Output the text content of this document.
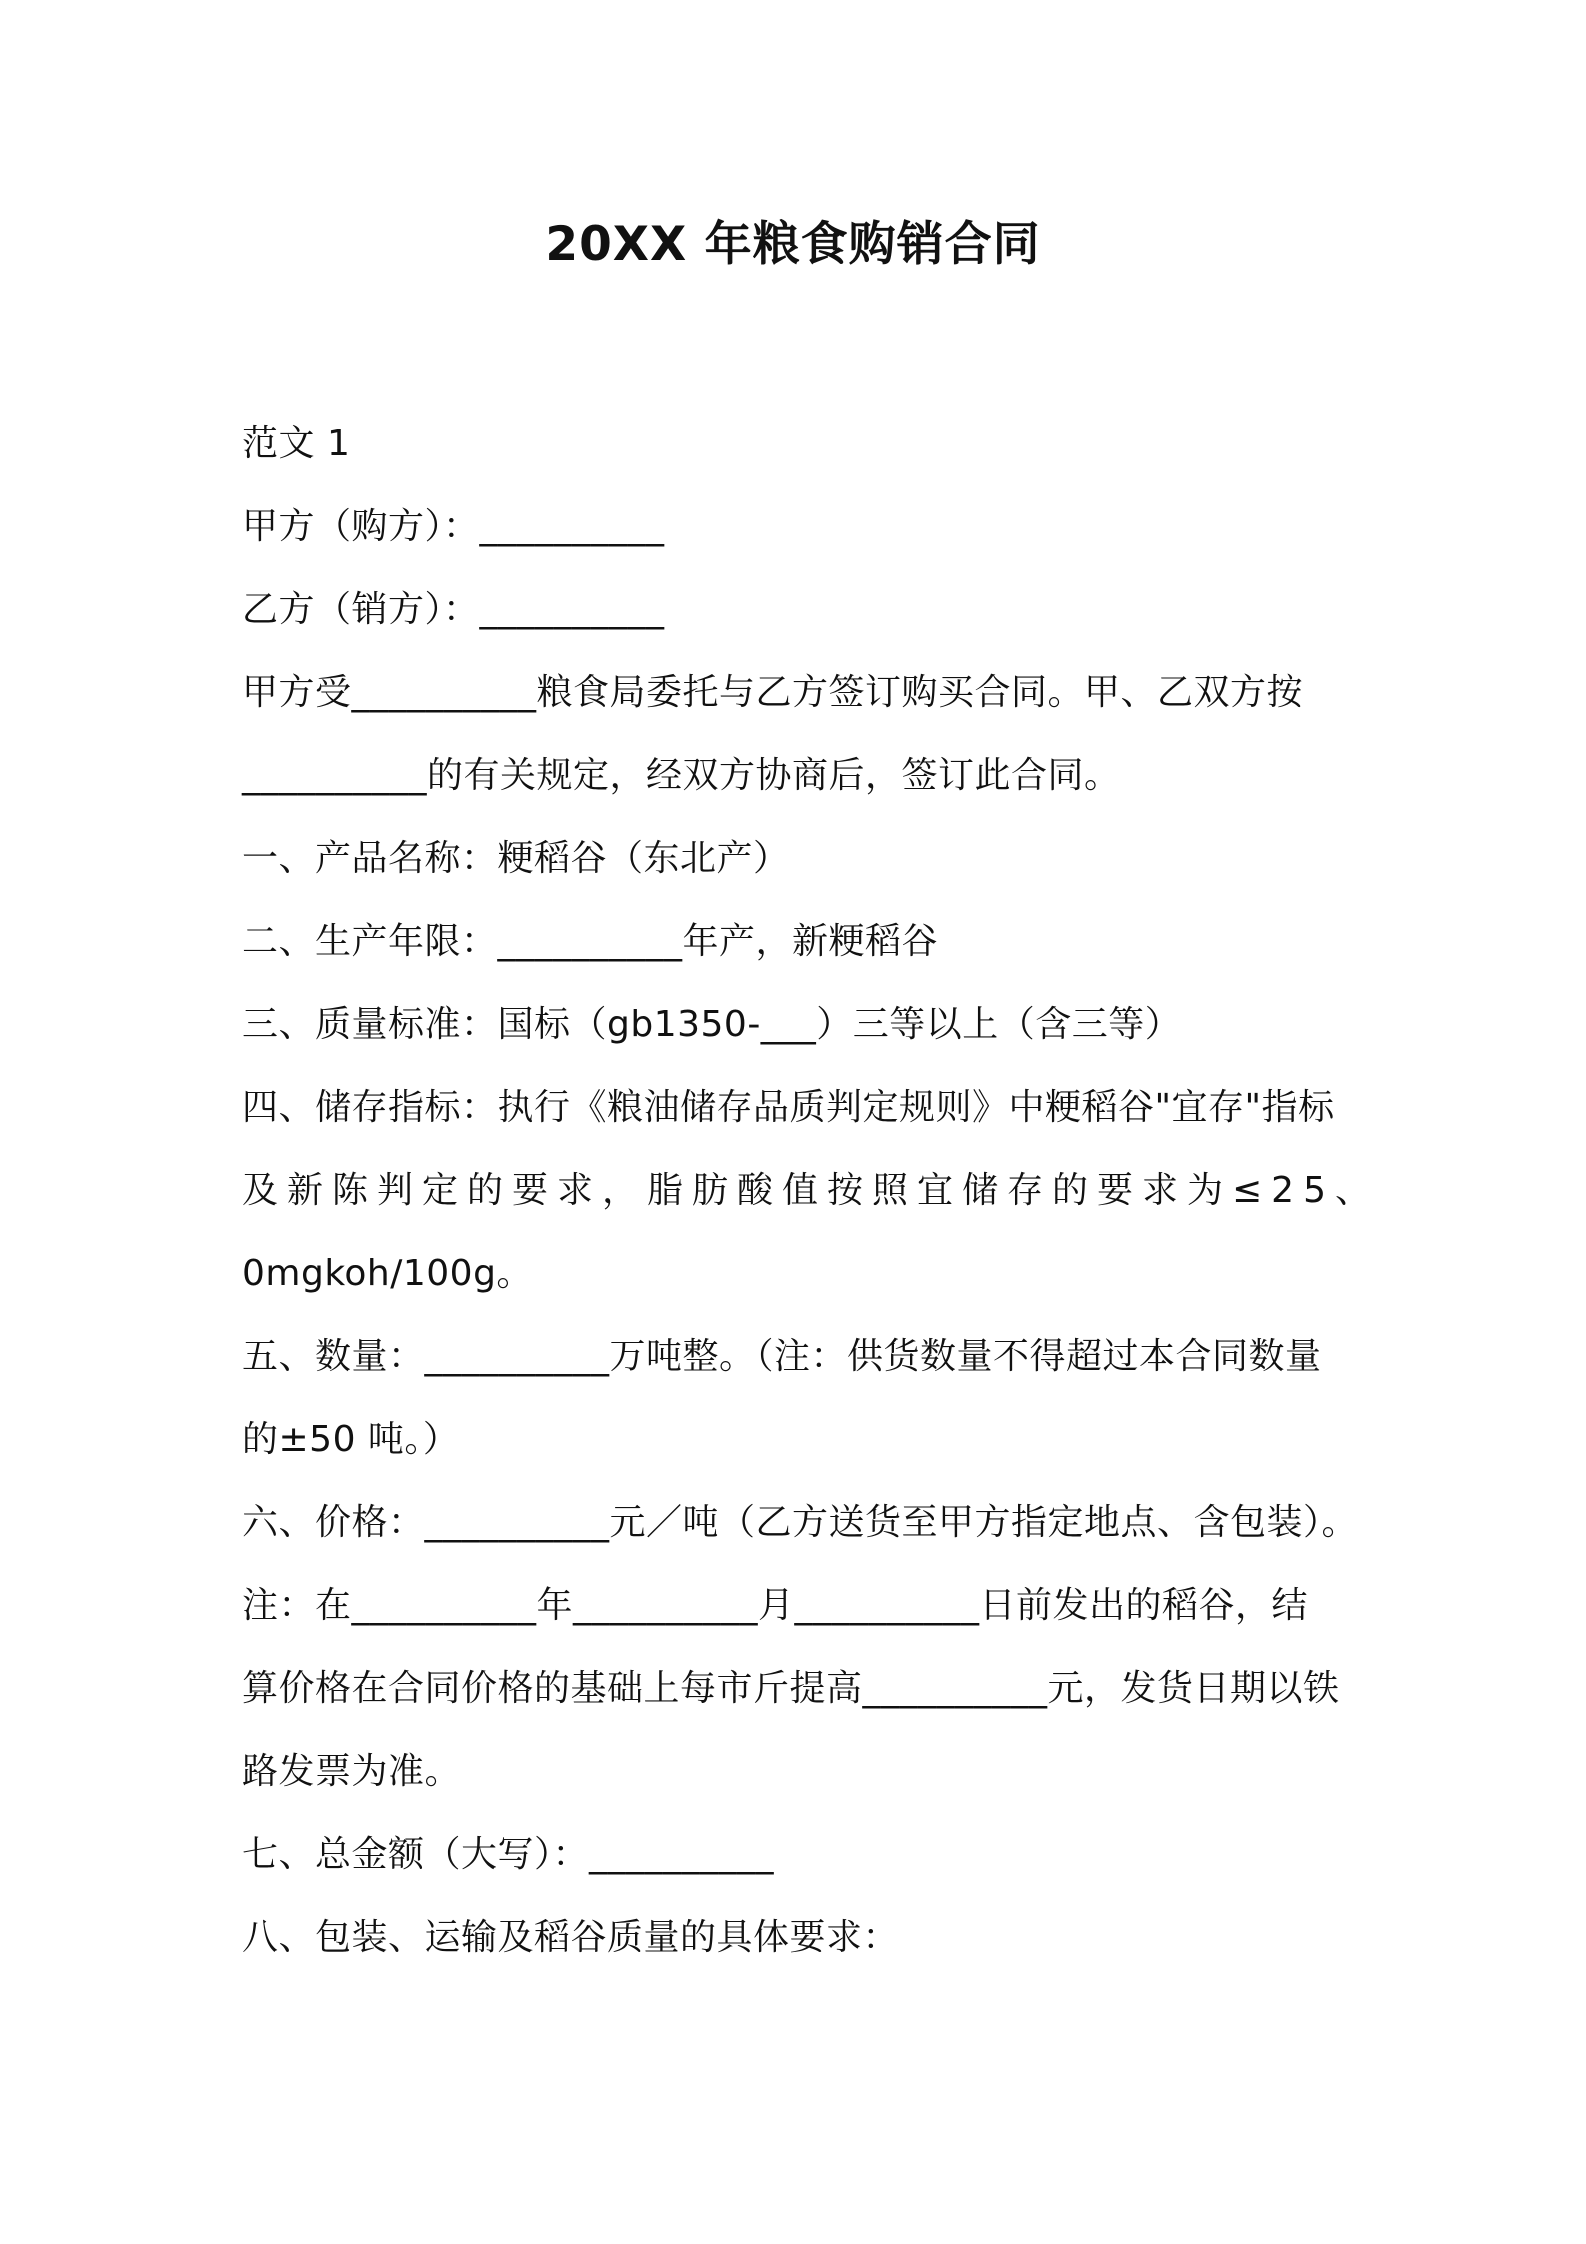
20XX 年粮食购销合同
范文 1
甲方（购方）：__________
乙方（销方）：__________
甲方受__________粮食局委托与乙方签订购买合同。甲、乙双方按
__________的有关规定，经双方协商后，签订此合同。
一、产品名称：粳稻谷（东北产）
二、生产年限：__________年产，新粳稻谷
三、质量标准：国标（gb1350-___）三等以上（含三等）
四、储存指标：执行《粮油储存品质判定规则》中粳稻谷"宜存"指标
及新陈判定的要求，脂肪酸值按照宜储存的要求为≤25、
0mgkoh/100g。
五、数量：__________万吨整。（注：供货数量不得超过本合同数量
的±50 吨。）
六、价格：__________元／吨（乙方送货至甲方指定地点、含包装）。
注：在__________年__________月__________日前发出的稻谷，结
算价格在合同价格的基础上每市斤提高__________元，发货日期以铁
路发票为准。
七、总金额（大写）：__________
八、包装、运输及稻谷质量的具体要求：
